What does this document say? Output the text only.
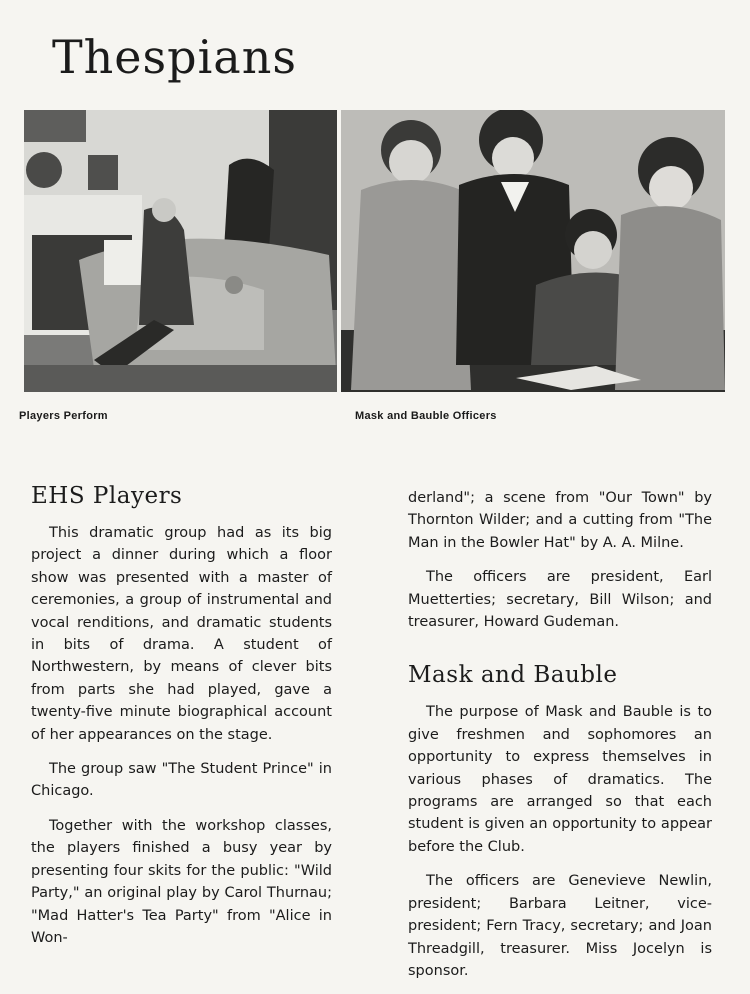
Thespians

Players Perform	Mask and Bauble Officers

EHS Players

This dramatic group had as its big project a dinner during which a floor show was presented with a master of ceremonies, a group of instrumental and vocal renditions, and dramatic students in bits of drama. A student of Northwestern, by means of clever bits from parts she had played, gave a twenty-five minute biographical account of her appearances on the stage.

The group saw "The Student Prince" in Chicago.

Together with the workshop classes, the players finished a busy year by presenting four skits for the public: "Wild Party," an original play by Carol Thurnau; "Mad Hatter's Tea Party" from "Alice in Won-

derland"; a scene from "Our Town" by Thornton Wilder; and a cutting from "The Man in the Bowler Hat" by A. A. Milne.

The officers are president, Earl Muetterties; secretary, Bill Wilson; and treasurer, Howard Gudeman.

Mask and Bauble

The purpose of Mask and Bauble is to give freshmen and sophomores an opportunity to express themselves in various phases of dramatics. The programs are arranged so that each student is given an opportunity to appear before the Club.

The officers are Genevieve Newlin, president; Barbara Leitner, vice-president; Fern Tracy, secretary; and Joan Threadgill, treasurer. Miss Jocelyn is sponsor.
